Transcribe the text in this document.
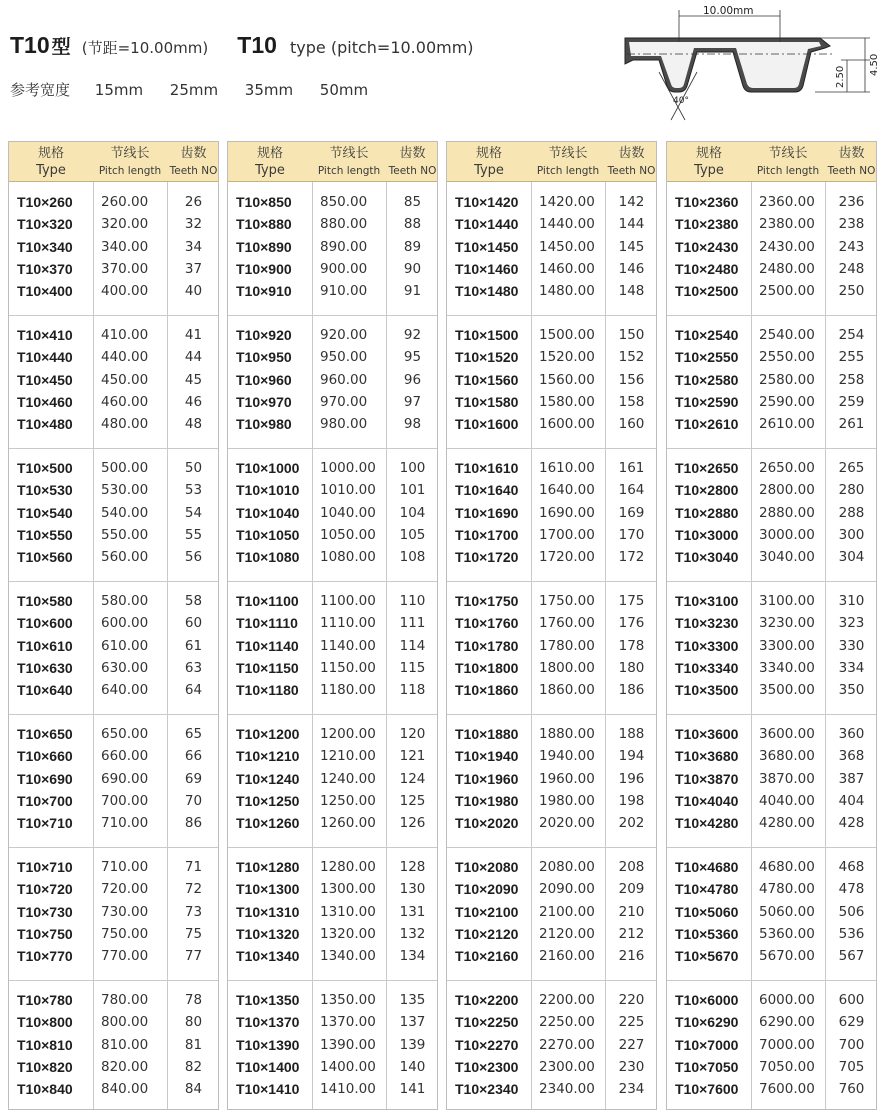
T10 型 (节距=10.00mm) T10 type (pitch=10.00mm)
参考宽度 15mm 25mm 35mm 50mm
10.00mm
4.50
2.50
40°
规格
Type
节线长
Pitch length
齿数
Teeth NO
T10×260	260.00	26
T10×320	320.00	32
T10×340	340.00	34
T10×370	370.00	37
T10×400	400.00	40
T10×410	410.00	41
T10×440	440.00	44
T10×450	450.00	45
T10×460	460.00	46
T10×480	480.00	48
T10×500	500.00	50
T10×530	530.00	53
T10×540	540.00	54
T10×550	550.00	55
T10×560	560.00	56
T10×580	580.00	58
T10×600	600.00	60
T10×610	610.00	61
T10×630	630.00	63
T10×640	640.00	64
T10×650	650.00	65
T10×660	660.00	66
T10×690	690.00	69
T10×700	700.00	70
T10×710	710.00	86
T10×710	710.00	71
T10×720	720.00	72
T10×730	730.00	73
T10×750	750.00	75
T10×770	770.00	77
T10×780	780.00	78
T10×800	800.00	80
T10×810	810.00	81
T10×820	820.00	82
T10×840	840.00	84
规格
Type
节线长
Pitch length
齿数
Teeth NO
T10×850	850.00	85
T10×880	880.00	88
T10×890	890.00	89
T10×900	900.00	90
T10×910	910.00	91
T10×920	920.00	92
T10×950	950.00	95
T10×960	960.00	96
T10×970	970.00	97
T10×980	980.00	98
T10×1000	1000.00	100
T10×1010	1010.00	101
T10×1040	1040.00	104
T10×1050	1050.00	105
T10×1080	1080.00	108
T10×1100	1100.00	110
T10×1110	1110.00	111
T10×1140	1140.00	114
T10×1150	1150.00	115
T10×1180	1180.00	118
T10×1200	1200.00	120
T10×1210	1210.00	121
T10×1240	1240.00	124
T10×1250	1250.00	125
T10×1260	1260.00	126
T10×1280	1280.00	128
T10×1300	1300.00	130
T10×1310	1310.00	131
T10×1320	1320.00	132
T10×1340	1340.00	134
T10×1350	1350.00	135
T10×1370	1370.00	137
T10×1390	1390.00	139
T10×1400	1400.00	140
T10×1410	1410.00	141
规格
Type
节线长
Pitch length
齿数
Teeth NO
T10×1420	1420.00	142
T10×1440	1440.00	144
T10×1450	1450.00	145
T10×1460	1460.00	146
T10×1480	1480.00	148
T10×1500	1500.00	150
T10×1520	1520.00	152
T10×1560	1560.00	156
T10×1580	1580.00	158
T10×1600	1600.00	160
T10×1610	1610.00	161
T10×1640	1640.00	164
T10×1690	1690.00	169
T10×1700	1700.00	170
T10×1720	1720.00	172
T10×1750	1750.00	175
T10×1760	1760.00	176
T10×1780	1780.00	178
T10×1800	1800.00	180
T10×1860	1860.00	186
T10×1880	1880.00	188
T10×1940	1940.00	194
T10×1960	1960.00	196
T10×1980	1980.00	198
T10×2020	2020.00	202
T10×2080	2080.00	208
T10×2090	2090.00	209
T10×2100	2100.00	210
T10×2120	2120.00	212
T10×2160	2160.00	216
T10×2200	2200.00	220
T10×2250	2250.00	225
T10×2270	2270.00	227
T10×2300	2300.00	230
T10×2340	2340.00	234
规格
Type
节线长
Pitch length
齿数
Teeth NO
T10×2360	2360.00	236
T10×2380	2380.00	238
T10×2430	2430.00	243
T10×2480	2480.00	248
T10×2500	2500.00	250
T10×2540	2540.00	254
T10×2550	2550.00	255
T10×2580	2580.00	258
T10×2590	2590.00	259
T10×2610	2610.00	261
T10×2650	2650.00	265
T10×2800	2800.00	280
T10×2880	2880.00	288
T10×3000	3000.00	300
T10×3040	3040.00	304
T10×3100	3100.00	310
T10×3230	3230.00	323
T10×3300	3300.00	330
T10×3340	3340.00	334
T10×3500	3500.00	350
T10×3600	3600.00	360
T10×3680	3680.00	368
T10×3870	3870.00	387
T10×4040	4040.00	404
T10×4280	4280.00	428
T10×4680	4680.00	468
T10×4780	4780.00	478
T10×5060	5060.00	506
T10×5360	5360.00	536
T10×5670	5670.00	567
T10×6000	6000.00	600
T10×6290	6290.00	629
T10×7000	7000.00	700
T10×7050	7050.00	705
T10×7600	7600.00	760
